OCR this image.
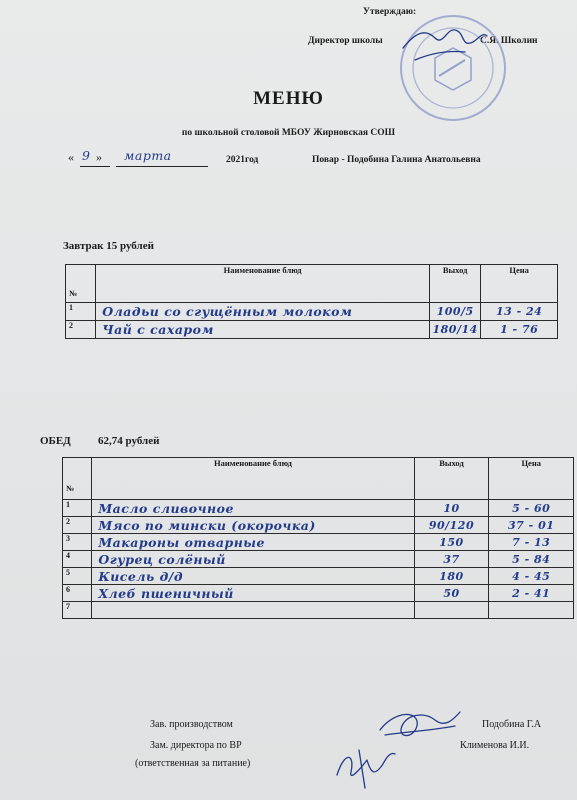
Утверждаю:
Директор школы	С.Я. Школин
МЕНЮ
по школьной столовой МБОУ Жирновская СОШ
« 9 » марта	2021год	Повар - Подобина Галина Анатольевна
Завтрак 15 рублей
№	Наименование блюд	Выход	Цена
1	Оладьи со сгущённым молоком	100/5	13 - 24
2	Чай с сахаром	180/14	1 - 76
ОБЕД 62,74 рублей
№	Наименование блюд	Выход	Цена
1	Масло сливочное	10	5 - 60
2	Мясо по мински (окорочка)	90/120	37 - 01
3	Макароны отварные	150	7 - 13
4	Огурец солёный	37	5 - 84
5	Кисель д/д	180	4 - 45
6	Хлеб пшеничный	50	2 - 41
7			
Зав. производством
Зам. директора по ВР
(ответственная за питание)
Подобина Г.А
Клименова И.И.
